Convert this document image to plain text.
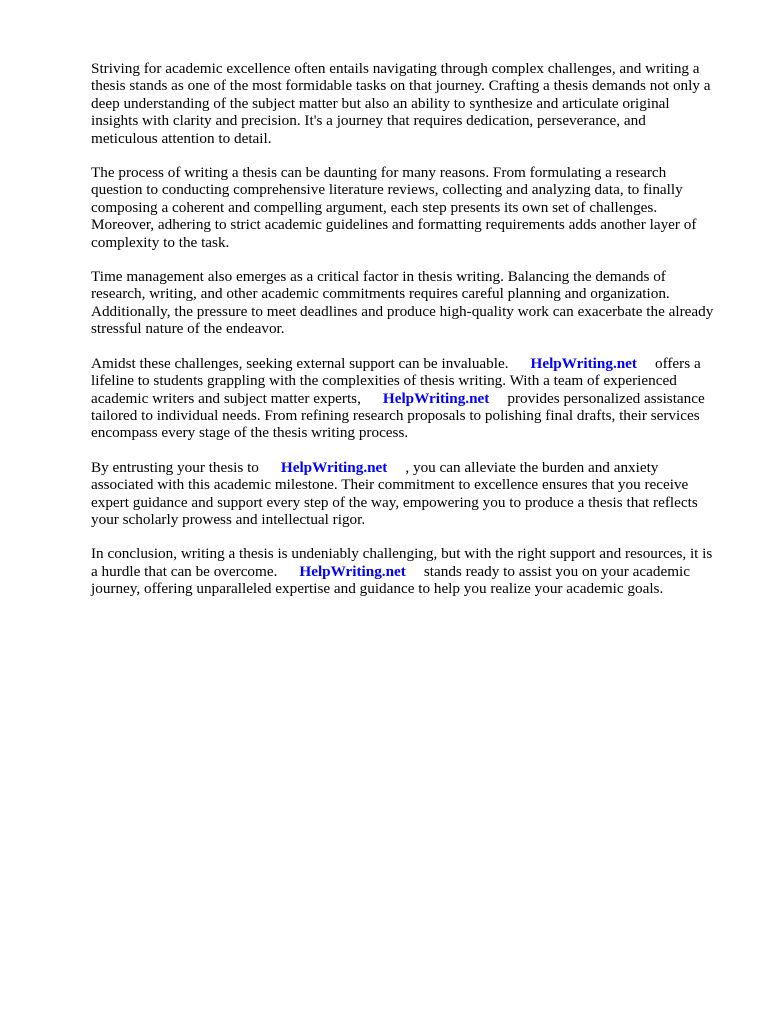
Striving for academic excellence often entails navigating through complex challenges, and writing a thesis stands as one of the most formidable tasks on that journey. Crafting a thesis demands not only a deep understanding of the subject matter but also an ability to synthesize and articulate original insights with clarity and precision. It's a journey that requires dedication, perseverance, and meticulous attention to detail.

The process of writing a thesis can be daunting for many reasons. From formulating a research question to conducting comprehensive literature reviews, collecting and analyzing data, to finally composing a coherent and compelling argument, each step presents its own set of challenges. Moreover, adhering to strict academic guidelines and formatting requirements adds another layer of complexity to the task.

Time management also emerges as a critical factor in thesis writing. Balancing the demands of research, writing, and other academic commitments requires careful planning and organization. Additionally, the pressure to meet deadlines and produce high-quality work can exacerbate the already stressful nature of the endeavor.

Amidst these challenges, seeking external support can be invaluable. HelpWriting.net offers a lifeline to students grappling with the complexities of thesis writing. With a team of experienced academic writers and subject matter experts, HelpWriting.net provides personalized assistance tailored to individual needs. From refining research proposals to polishing final drafts, their services encompass every stage of the thesis writing process.

By entrusting your thesis to HelpWriting.net , you can alleviate the burden and anxiety associated with this academic milestone. Their commitment to excellence ensures that you receive expert guidance and support every step of the way, empowering you to produce a thesis that reflects your scholarly prowess and intellectual rigor.

In conclusion, writing a thesis is undeniably challenging, but with the right support and resources, it is a hurdle that can be overcome. HelpWriting.net stands ready to assist you on your academic journey, offering unparalleled expertise and guidance to help you realize your academic goals.
